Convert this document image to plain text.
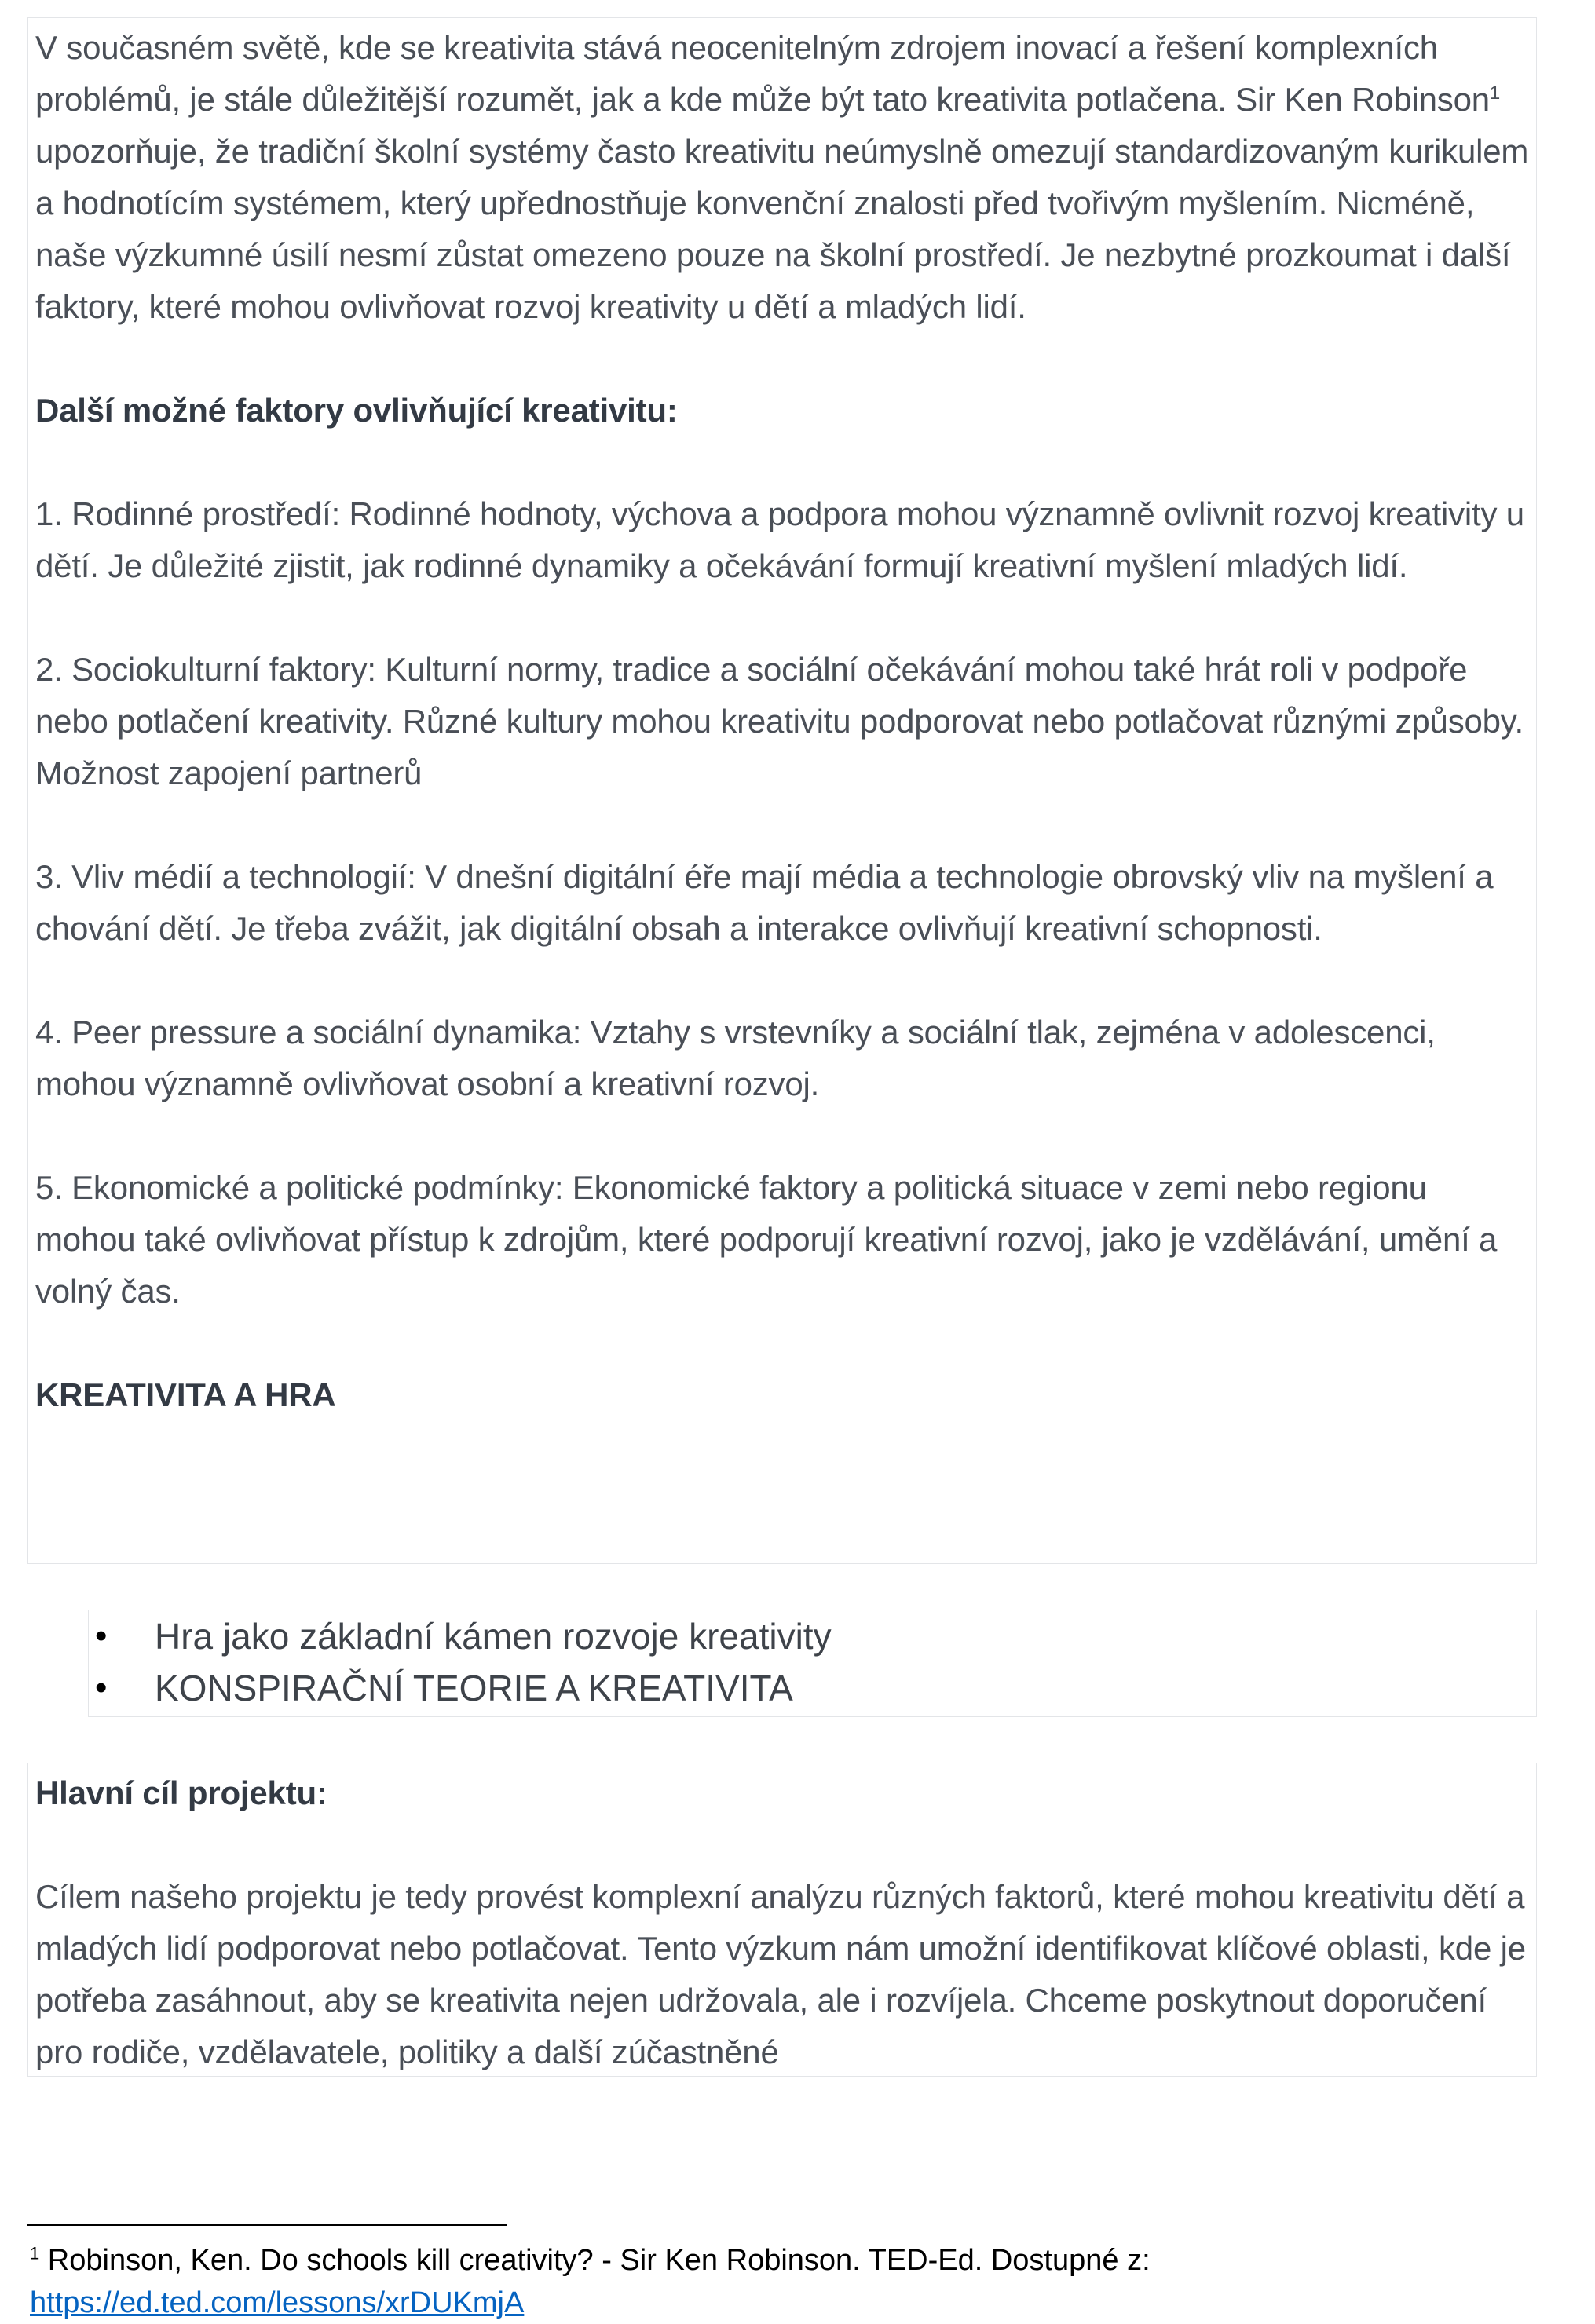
V současném světě, kde se kreativita stává neocenitelným zdrojem inovací a řešení komplexních problémů, je stále důležitější rozumět, jak a kde může být tato kreativita potlačena. Sir Ken Robinson$^1$ upozorňuje, že tradiční školní systémy často kreativitu neúmyslně omezují standardizovaným kurikulem a hodnotícím systémem, který upřednostňuje konvenční znalosti před tvořivým myšlením. Nicméně, naše výzkumné úsilí nesmí zůstat omezeno pouze na školní prostředí. Je nezbytné prozkoumat i další faktory, které mohou ovlivňovat rozvoj kreativity u dětí a mladých lidí.

Další možné faktory ovlivňující kreativitu:

1. Rodinné prostředí: Rodinné hodnoty, výchova a podpora mohou významně ovlivnit rozvoj kreativity u dětí. Je důležité zjistit, jak rodinné dynamiky a očekávání formují kreativní myšlení mladých lidí.

2. Sociokulturní faktory: Kulturní normy, tradice a sociální očekávání mohou také hrát roli v podpoře nebo potlačení kreativity. Různé kultury mohou kreativitu podporovat nebo potlačovat různými způsoby. Možnost zapojení partnerů

3. Vliv médií a technologií: V dnešní digitální éře mají média a technologie obrovský vliv na myšlení a chování dětí. Je třeba zvážit, jak digitální obsah a interakce ovlivňují kreativní schopnosti.

4. Peer pressure a sociální dynamika: Vztahy s vrstevníky a sociální tlak, zejména v adolescenci, mohou významně ovlivňovat osobní a kreativní rozvoj.

5. Ekonomické a politické podmínky: Ekonomické faktory a politická situace v zemi nebo regionu mohou také ovlivňovat přístup k zdrojům, které podporují kreativní rozvoj, jako je vzdělávání, umění a volný čas.

KREATIVITA A HRA

• Hra jako základní kámen rozvoje kreativity
• KONSPIRAČNÍ TEORIE A KREATIVITA

Hlavní cíl projektu:

Cílem našeho projektu je tedy provést komplexní analýzu různých faktorů, které mohou kreativitu dětí a mladých lidí podporovat nebo potlačovat. Tento výzkum nám umožní identifikovat klíčové oblasti, kde je potřeba zasáhnout, aby se kreativita nejen udržovala, ale i rozvíjela. Chceme poskytnout doporučení pro rodiče, vzdělavatele, politiky a další zúčastněné

$^1$ Robinson, Ken. Do schools kill creativity? - Sir Ken Robinson. TED-Ed. Dostupné z:

https://ed.ted.com/lessons/xrDUKmjA
